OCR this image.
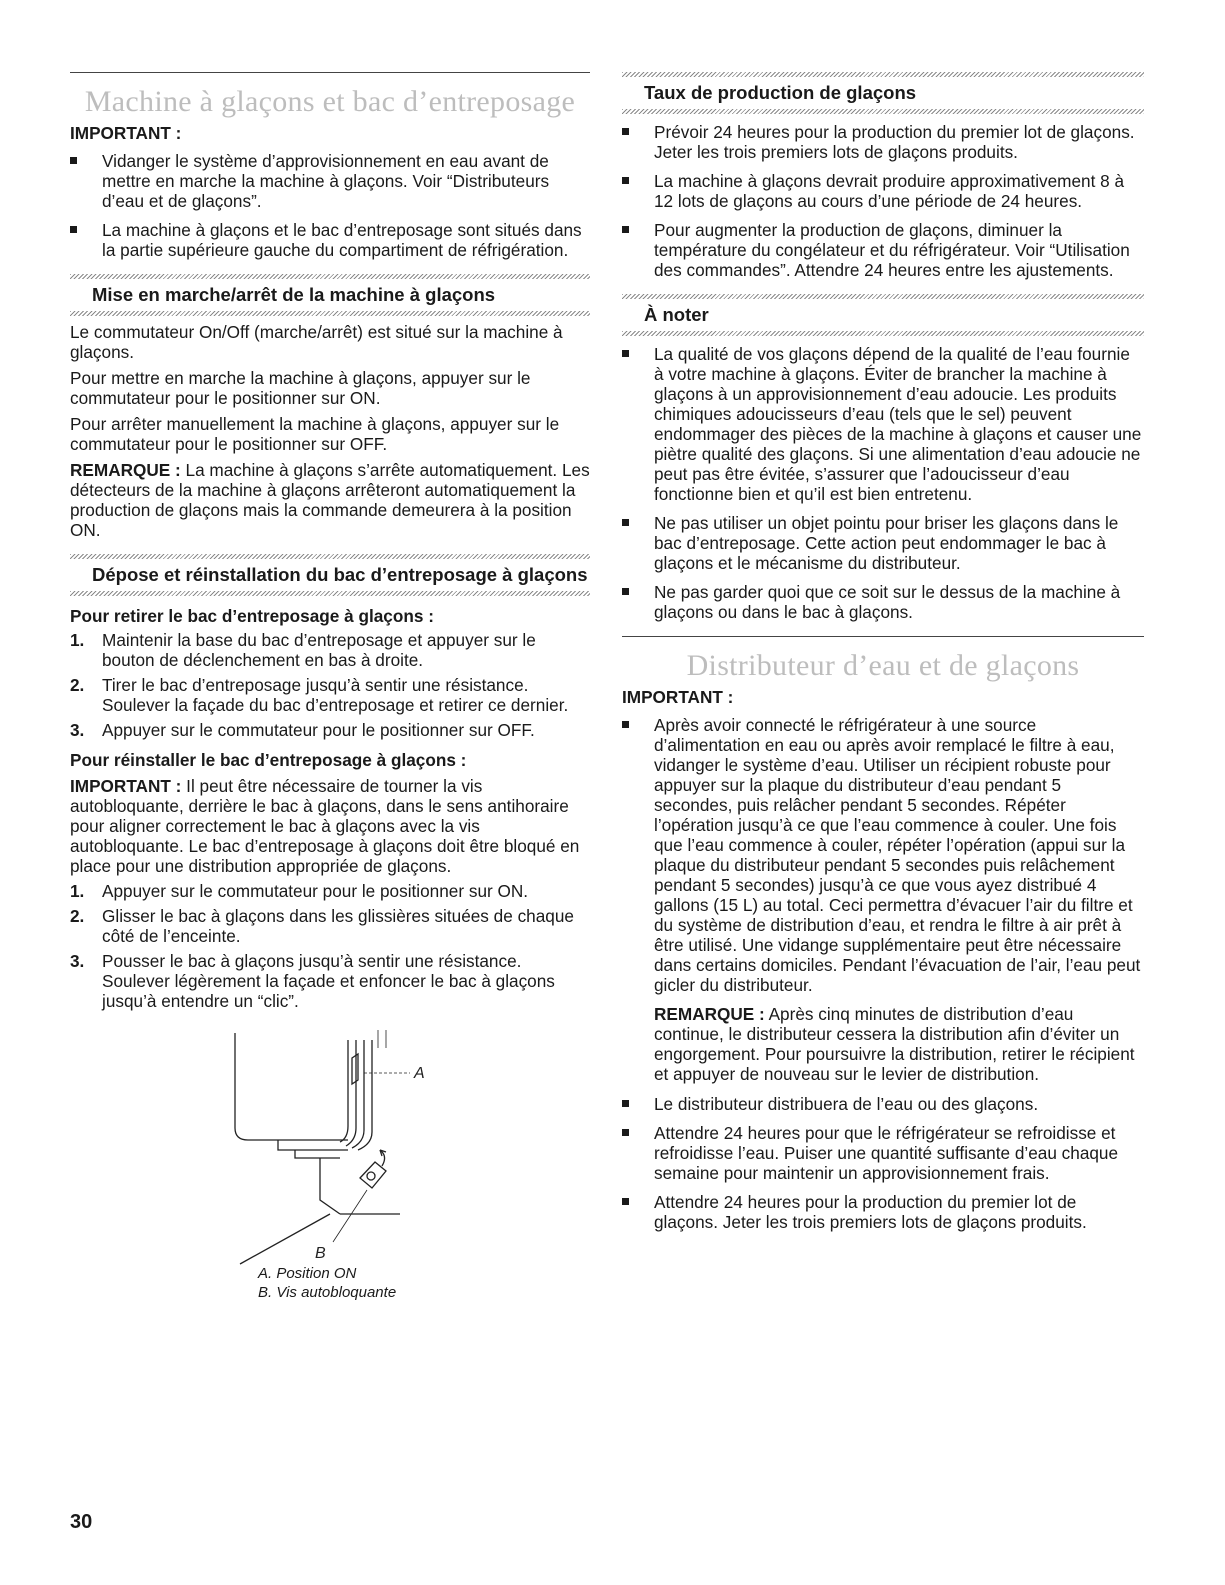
Machine à glaçons et bac d’entreposage
IMPORTANT :
Vidanger le système d’approvisionnement en eau avant de mettre en marche la machine à glaçons. Voir “Distributeurs d’eau et de glaçons”.
La machine à glaçons et le bac d’entreposage sont situés dans la partie supérieure gauche du compartiment de réfrigération.
Mise en marche/arrêt de la machine à glaçons

Le commutateur On/Off (marche/arrêt) est situé sur la machine à glaçons.

Pour mettre en marche la machine à glaçons, appuyer sur le commutateur pour le positionner sur ON.

Pour arrêter manuellement la machine à glaçons, appuyer sur le commutateur pour le positionner sur OFF.

REMARQUE : La machine à glaçons s’arrête automatiquement. Les détecteurs de la machine à glaçons arrêteront automatiquement la production de glaçons mais la commande demeurera à la position ON.

Dépose et réinstallation du bac d’entreposage à glaçons
Pour retirer le bac d’entreposage à glaçons :
1. Maintenir la base du bac d’entreposage et appuyer sur le bouton de déclenchement en bas à droite.
2. Tirer le bac d’entreposage jusqu’à sentir une résistance. Soulever la façade du bac d’entreposage et retirer ce dernier.
3. Appuyer sur le commutateur pour le positionner sur OFF.
Pour réinstaller le bac d’entreposage à glaçons :

IMPORTANT : Il peut être nécessaire de tourner la vis autobloquante, derrière le bac à glaçons, dans le sens antihoraire pour aligner correctement le bac à glaçons avec la vis autobloquante. Le bac d’entreposage à glaçons doit être bloqué en place pour une distribution appropriée de glaçons.

1. Appuyer sur le commutateur pour le positionner sur ON.
2. Glisser le bac à glaçons dans les glissières situées de chaque côté de l’enceinte.
3. Pousser le bac à glaçons jusqu’à sentir une résistance. Soulever légèrement la façade et enfoncer le bac à glaçons jusqu’à entendre un “clic”.
A
B
A. Position ON
B. Vis autobloquante
Taux de production de glaçons
Prévoir 24 heures pour la production du premier lot de glaçons. Jeter les trois premiers lots de glaçons produits.
La machine à glaçons devrait produire approximativement 8 à 12 lots de glaçons au cours d’une période de 24 heures.
Pour augmenter la production de glaçons, diminuer la température du congélateur et du réfrigérateur. Voir “Utilisation des commandes”. Attendre 24 heures entre les ajustements.
À noter
La qualité de vos glaçons dépend de la qualité de l’eau fournie à votre machine à glaçons. Éviter de brancher la machine à glaçons à un approvisionnement d’eau adoucie. Les produits chimiques adoucisseurs d’eau (tels que le sel) peuvent endommager des pièces de la machine à glaçons et causer une piètre qualité des glaçons. Si une alimentation d’eau adoucie ne peut pas être évitée, s’assurer que l’adoucisseur d’eau fonctionne bien et qu’il est bien entretenu.
Ne pas utiliser un objet pointu pour briser les glaçons dans le bac d’entreposage. Cette action peut endommager le bac à glaçons et le mécanisme du distributeur.
Ne pas garder quoi que ce soit sur le dessus de la machine à glaçons ou dans le bac à glaçons.
Distributeur d’eau et de glaçons
IMPORTANT :
Après avoir connecté le réfrigérateur à une source d’alimentation en eau ou après avoir remplacé le filtre à eau, vidanger le système d’eau. Utiliser un récipient robuste pour appuyer sur la plaque du distributeur d’eau pendant 5 secondes, puis relâcher pendant 5 secondes. Répéter l’opération jusqu’à ce que l’eau commence à couler. Une fois que l’eau commence à couler, répéter l’opération (appui sur la plaque du distributeur pendant 5 secondes puis relâchement pendant 5 secondes) jusqu’à ce que vous ayez distribué 4 gallons (15 L) au total. Ceci permettra d’évacuer l’air du filtre et du système de distribution d’eau, et rendra le filtre à air prêt à être utilisé. Une vidange supplémentaire peut être nécessaire dans certains domiciles. Pendant l’évacuation de l’air, l’eau peut gicler du distributeur.
REMARQUE : Après cinq minutes de distribution d’eau continue, le distributeur cessera la distribution afin d’éviter un engorgement. Pour poursuivre la distribution, retirer le récipient et appuyer de nouveau sur le levier de distribution.
Le distributeur distribuera de l’eau ou des glaçons.
Attendre 24 heures pour que le réfrigérateur se refroidisse et refroidisse l’eau. Puiser une quantité suffisante d’eau chaque semaine pour maintenir un approvisionnement frais.
Attendre 24 heures pour la production du premier lot de glaçons. Jeter les trois premiers lots de glaçons produits.
30
